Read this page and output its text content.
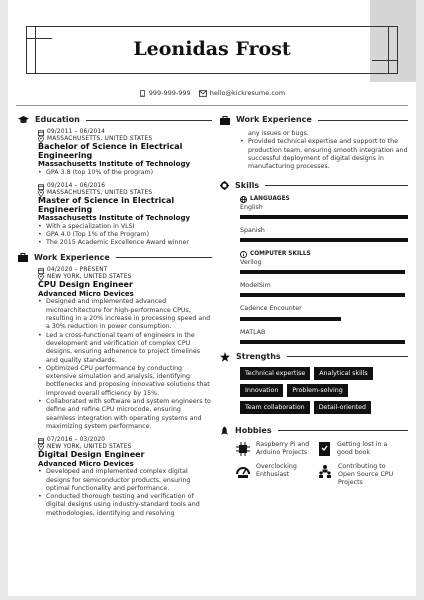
Leonidas Frost
999-999-999
	hello@kickresume.com
Education
09/2011 – 06/2014
MASSACHUSETTS, UNITED STATES
Bachelor of Science in Electrical Engineering
Massachusetts Institute of Technology
• GPA 3.8 (top 10% of the program)
09/2014 – 06/2016
MASSACHUSETTS, UNITED STATES
Master of Science in Electrical Engineering
Massachusetts Institute of Technology
• With a specialization in VLSI
• GPA 4.0 (Top 1% of the Program)
• The 2015 Academic Excellence Award winner
Work Experience
04/2020 – PRESENT
NEW YORK, UNITED STATES
CPU Design Engineer
Advanced Micro Devices
• Designed and implemented advanced microarchitecture for high-performance CPUs, resulting in a 20% increase in processing speed and a 30% reduction in power consumption.
• Led a cross-functional team of engineers in the development and verification of complex CPU designs, ensuring adherence to project timelines and quality standards.
• Optimized CPU performance by conducting extensive simulation and analysis, identifying bottlenecks and proposing innovative solutions that improved overall efficiency by 15%.
• Collaborated with software and system engineers to define and refine CPU microcode, ensuring seamless integration with operating systems and maximizing system performance.
07/2016 – 03/2020
NEW YORK, UNITED STATES
Digital Design Engineer
Advanced Micro Devices
• Developed and implemented complex digital designs for semiconductor products, ensuring optimal functionality and performance.
• Conducted thorough testing and verification of digital designs using industry-standard tools and methodologies, identifying and resolving
Work Experience
any issues or bugs.
• Provided technical expertise and support to the production team, ensuring smooth integration and successful deployment of digital designs in manufacturing processes.
Skills
LANGUAGES
English
Spanish
COMPUTER SKILLS
Verilog
ModelSim
Cadence Encounter
MATLAB
Strengths
Technical expertise	Analytical skills
Innovation	Problem-solving
Team collaboration	Detail-oriented
Hobbies
Raspberry Pi and Arduino Projects
Getting lost in a good book
Overclocking Enthusiast
Contributing to Open Source CPU Projects
